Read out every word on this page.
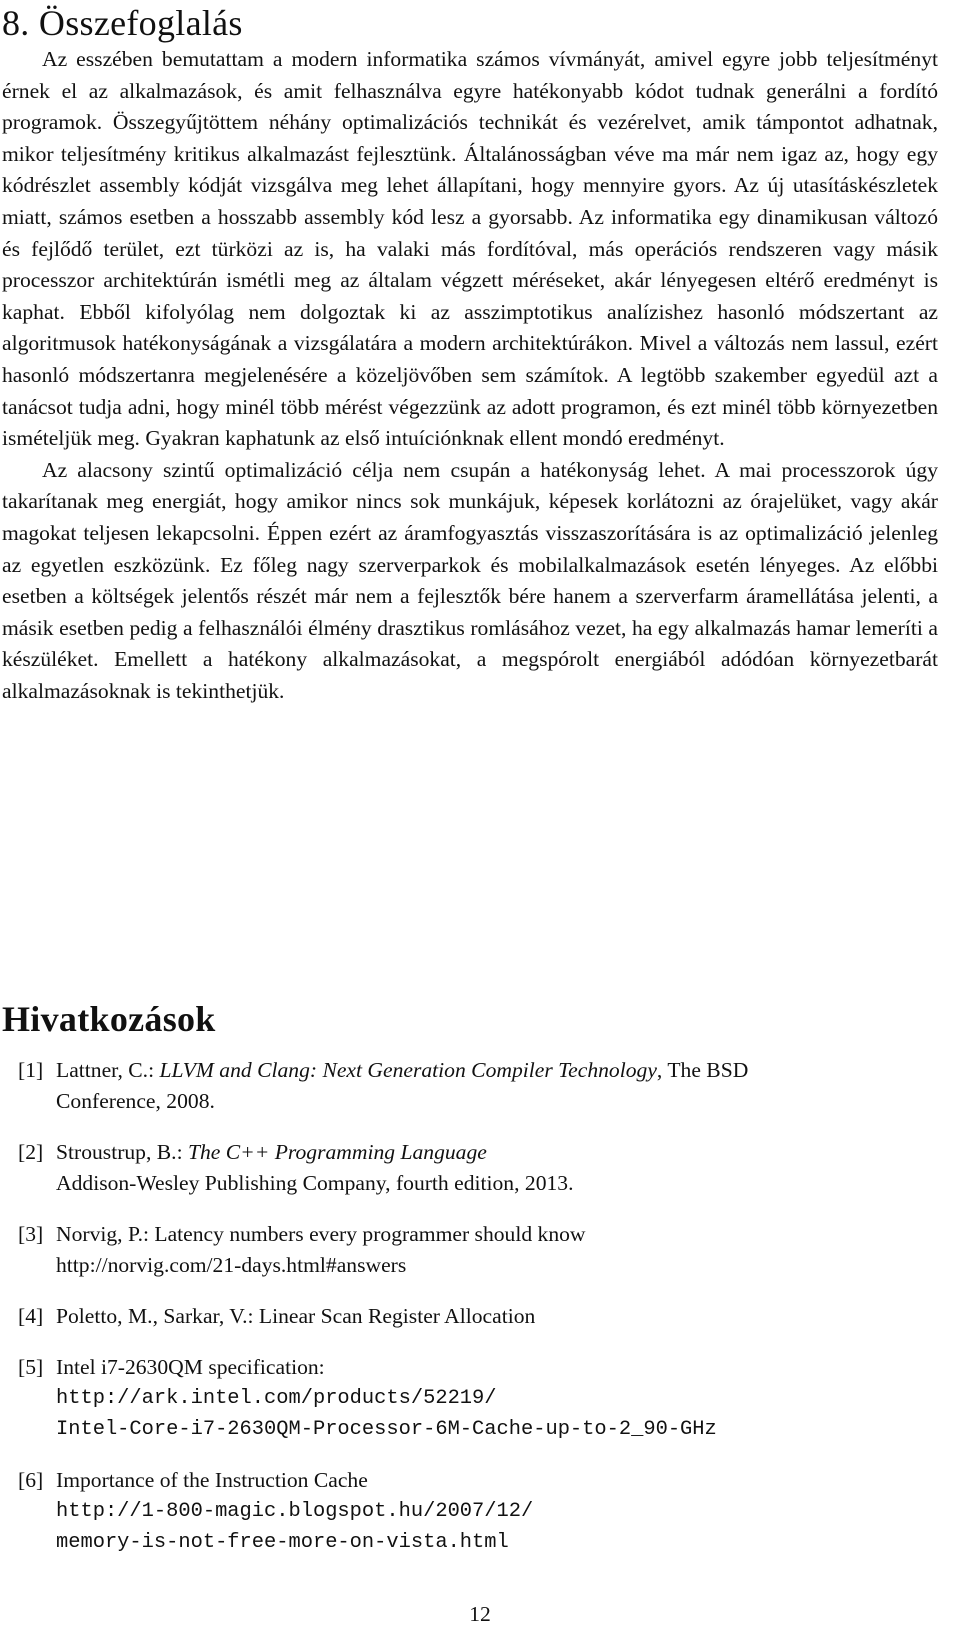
8. Összefoglalás

Az esszében bemutattam a modern informatika számos vívmányát, amivel egyre jobb teljesítményt érnek el az alkalmazások, és amit felhasználva egyre hatékonyabb kódot tudnak generálni a fordító programok. Összegyűjtöttem néhány optimalizációs technikát és vezérelvet, amik támpontot adhatnak, mikor teljesítmény kritikus alkalmazást fejlesztünk. Általánosságban véve ma már nem igaz az, hogy egy kódrészlet assembly kódját vizsgálva meg lehet állapítani, hogy mennyire gyors. Az új utasításkészletek miatt, számos esetben a hosszabb assembly kód lesz a gyorsabb. Az informatika egy dinamikusan változó és fejlődő terület, ezt türközi az is, ha valaki más fordítóval, más operációs rendszeren vagy másik processzor architektúrán ismétli meg az általam végzett méréseket, akár lényegesen eltérő eredményt is kaphat. Ebből kifolyólag nem dolgoztak ki az asszimptotikus analízishez hasonló módszertant az algoritmusok hatékonyságának a vizsgálatára a modern architektúrákon. Mivel a változás nem lassul, ezért hasonló módszertanra megjelenésére a közeljövőben sem számítok. A legtöbb szakember egyedül azt a tanácsot tudja adni, hogy minél több mérést végezzünk az adott programon, és ezt minél több környezetben ismételjük meg. Gyakran kaphatunk az első intuíciónknak ellent mondó eredményt.

Az alacsony szintű optimalizáció célja nem csupán a hatékonyság lehet. A mai processzorok úgy takarítanak meg energiát, hogy amikor nincs sok munkájuk, képesek korlátozni az órajelüket, vagy akár magokat teljesen lekapcsolni. Éppen ezért az áramfogyasztás visszaszorítására is az optimalizáció jelenleg az egyetlen eszközünk. Ez főleg nagy szerverparkok és mobilalkalmazások esetén lényeges. Az előbbi esetben a költségek jelentős részét már nem a fejlesztők bére hanem a szerverfarm áramellátása jelenti, a másik esetben pedig a felhasználói élmény drasztikus romlásához vezet, ha egy alkalmazás hamar lemeríti a készüléket. Emellett a hatékony alkalmazásokat, a megspórolt energiából adódóan környezetbarát alkalmazásoknak is tekinthetjük.

Hivatkozások
[1] Lattner, C.: LLVM and Clang: Next Generation Compiler Technology, The BSD
Conference, 2008.
[2] Stroustrup, B.: The C++ Programming Language
Addison-Wesley Publishing Company, fourth edition, 2013.
[3] Norvig, P.: Latency numbers every programmer should know
http://norvig.com/21-days.html#answers
[4] Poletto, M., Sarkar, V.: Linear Scan Register Allocation
[5] Intel i7-2630QM specification:
http://ark.intel.com/products/52219/
Intel-Core-i7-2630QM-Processor-6M-Cache-up-to-2_90-GHz
[6] Importance of the Instruction Cache
http://1-800-magic.blogspot.hu/2007/12/
memory-is-not-free-more-on-vista.html
12
